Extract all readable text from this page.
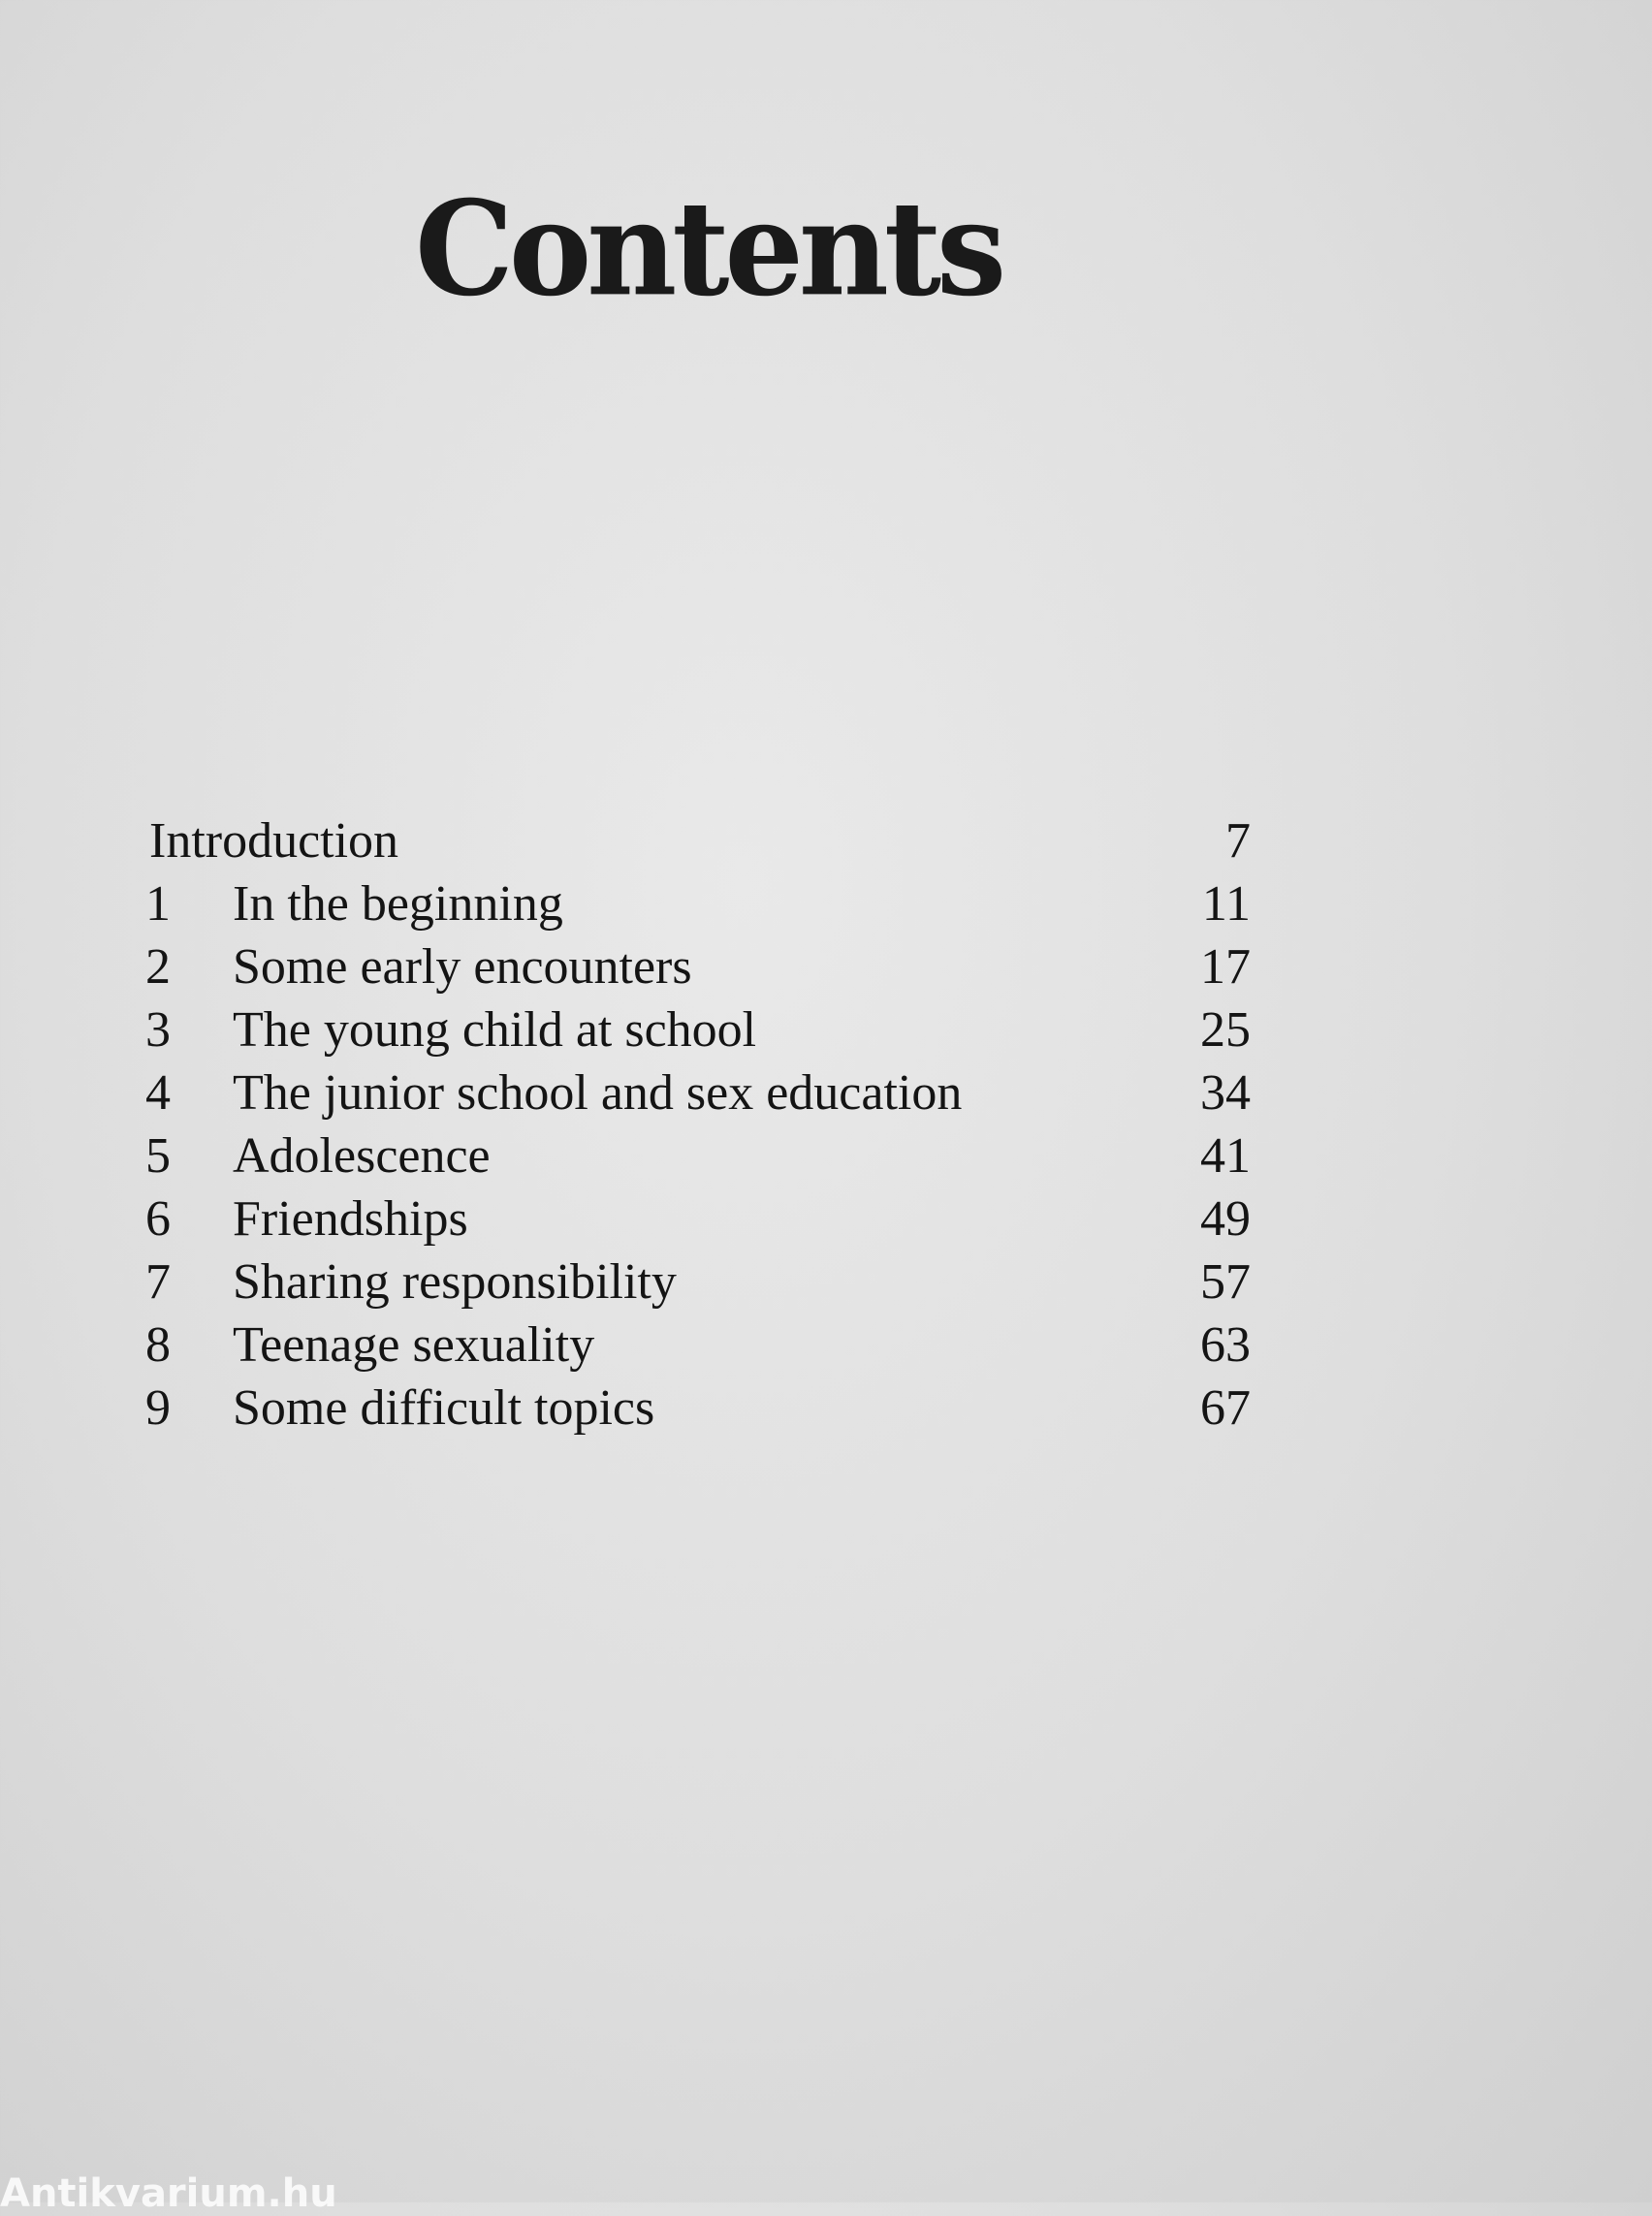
Contents
Introduction	7
1 In the beginning	11
2 Some early encounters	17
3 The young child at school	25
4 The junior school and sex education	34
5 Adolescence	41
6 Friendships	49
7 Sharing responsibility	57
8 Teenage sexuality	63
9 Some difficult topics	67
Antikvarium.hu
